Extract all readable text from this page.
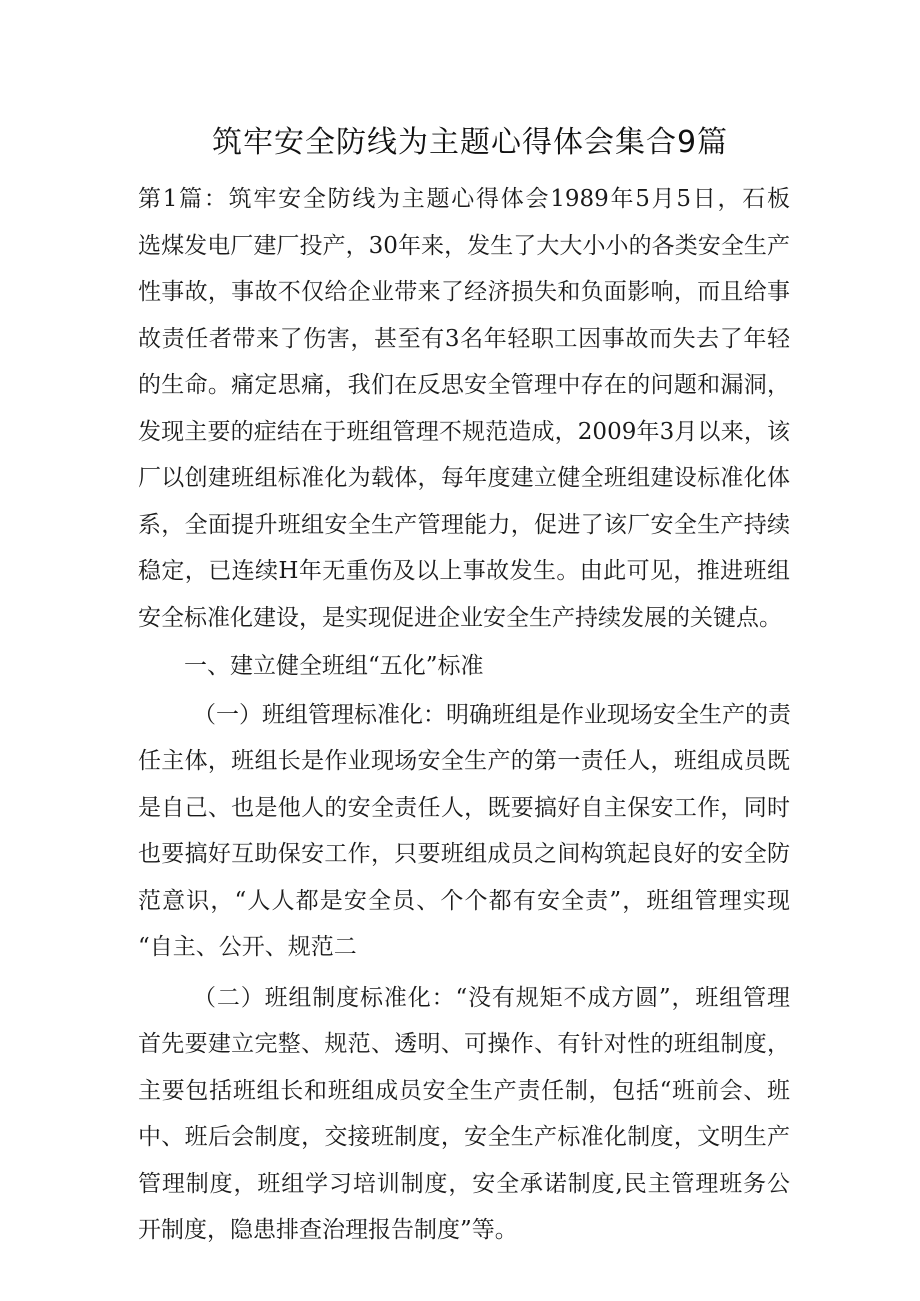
筑牢安全防线为主题心得体会集合9篇
第1篇：筑牢安全防线为主题心得体会1989年5月5日，石板
选煤发电厂建厂投产，30年来，发生了大大小小的各类安全生产
性事故，事故不仅给企业带来了经济损失和负面影响，而且给事
故责任者带来了伤害，甚至有3名年轻职工因事故而失去了年轻
的生命。痛定思痛，我们在反思安全管理中存在的问题和漏洞，
发现主要的症结在于班组管理不规范造成，2009年3月以来，该
厂以创建班组标准化为载体，每年度建立健全班组建设标准化体
系，全面提升班组安全生产管理能力，促进了该厂安全生产持续
稳定，已连续H年无重伤及以上事故发生。由此可见，推进班组
安全标准化建设，是实现促进企业安全生产持续发展的关键点。
一、建立健全班组“五化”标准
（一）班组管理标准化：明确班组是作业现场安全生产的责
任主体，班组长是作业现场安全生产的第一责任人，班组成员既
是自己、也是他人的安全责任人，既要搞好自主保安工作，同时
也要搞好互助保安工作，只要班组成员之间构筑起良好的安全防
范意识，“人人都是安全员、个个都有安全责”，班组管理实现
“自主、公开、规范二
（二）班组制度标准化：“没有规矩不成方圆”，班组管理
首先要建立完整、规范、透明、可操作、有针对性的班组制度，
主要包括班组长和班组成员安全生产责任制，包括“班前会、班
中、班后会制度，交接班制度，安全生产标准化制度，文明生产
管理制度，班组学习培训制度，安全承诺制度,民主管理班务公
开制度，隐患排查治理报告制度”等。
